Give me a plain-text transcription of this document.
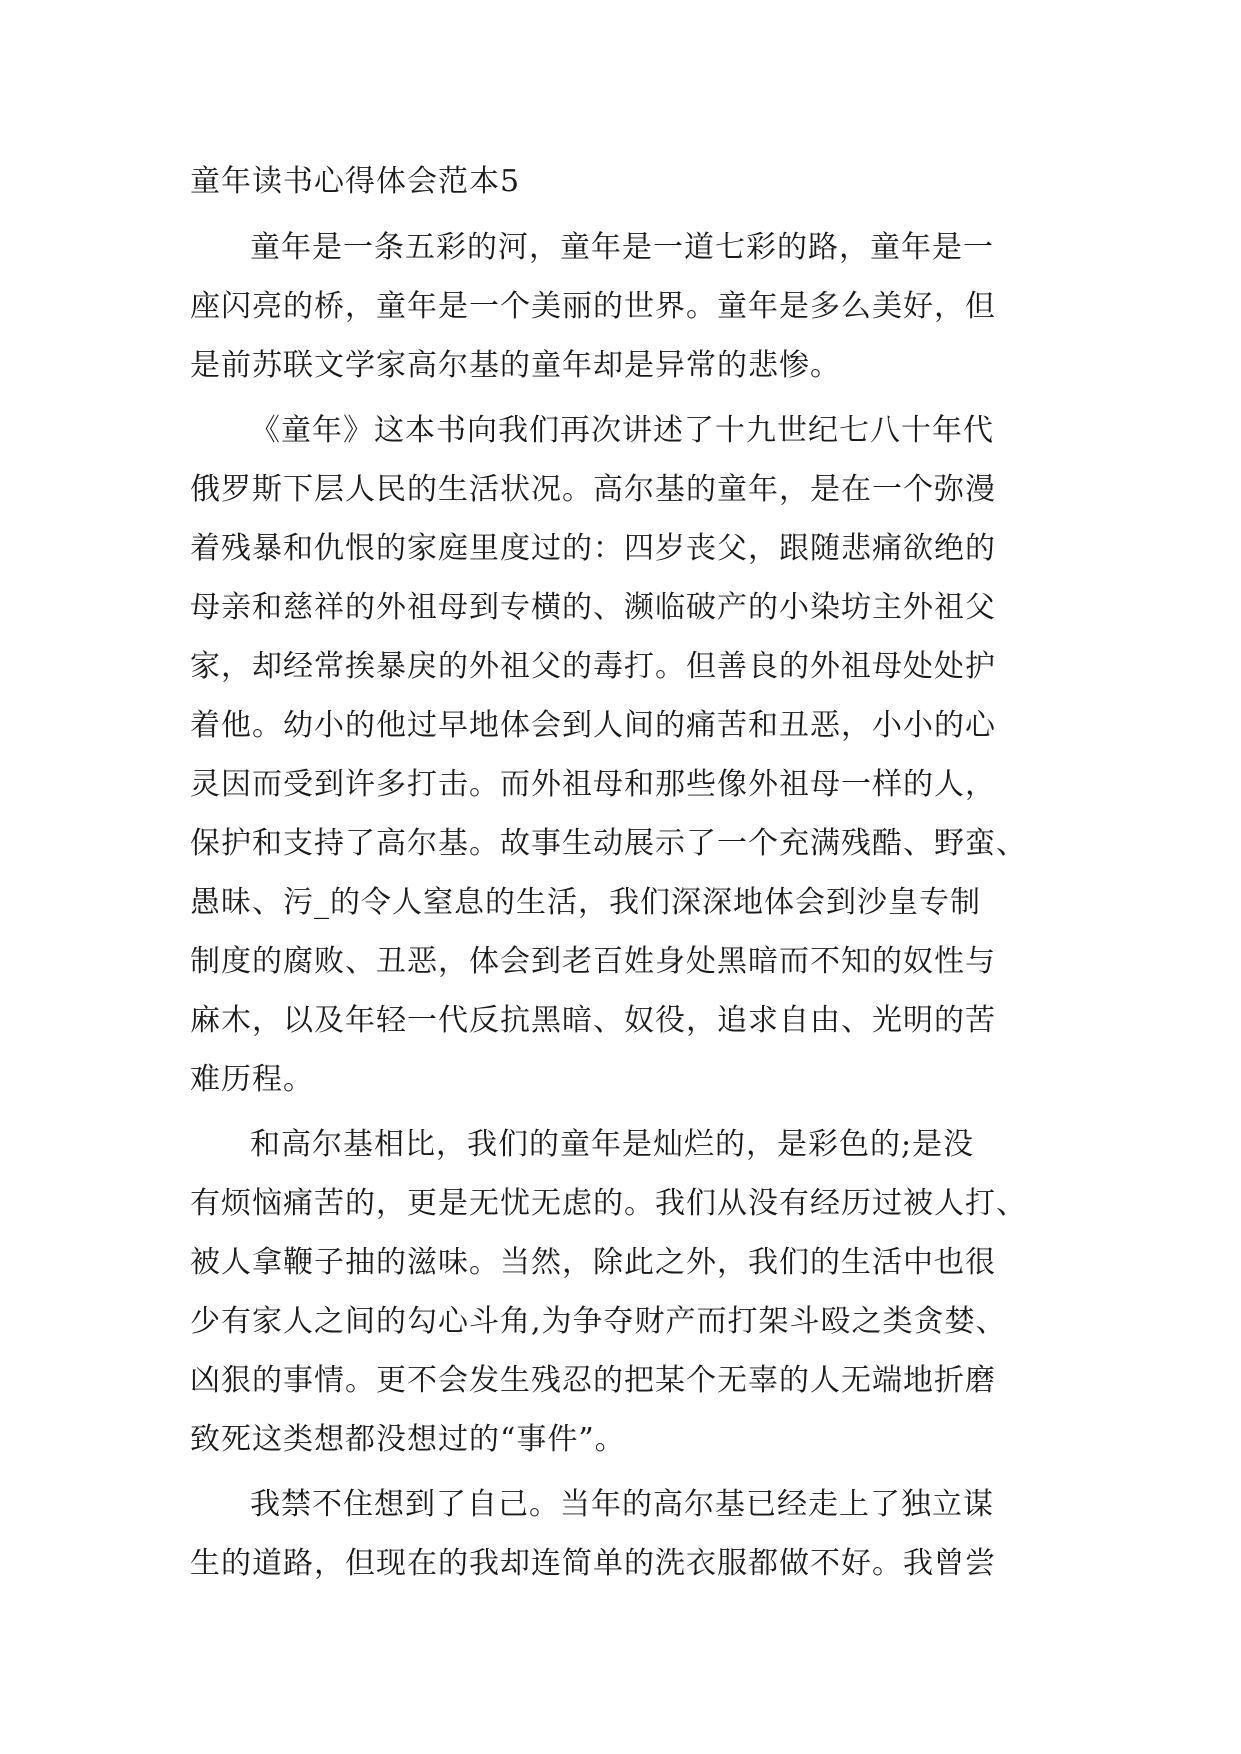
童年读书心得体会范本5

童年是一条五彩的河，童年是一道七彩的路，童年是一
座闪亮的桥，童年是一个美丽的世界。童年是多么美好，但
是前苏联文学家高尔基的童年却是异常的悲惨。

《童年》这本书向我们再次讲述了十九世纪七八十年代
俄罗斯下层人民的生活状况。高尔基的童年，是在一个弥漫
着残暴和仇恨的家庭里度过的：四岁丧父，跟随悲痛欲绝的
母亲和慈祥的外祖母到专横的、濒临破产的小染坊主外祖父
家，却经常挨暴戾的外祖父的毒打。但善良的外祖母处处护
着他。幼小的他过早地体会到人间的痛苦和丑恶，小小的心
灵因而受到许多打击。而外祖母和那些像外祖母一样的人，
保护和支持了高尔基。故事生动展示了一个充满残酷、野蛮、
愚昧、污_的令人窒息的生活，我们深深地体会到沙皇专制
制度的腐败、丑恶，体会到老百姓身处黑暗而不知的奴性与
麻木，以及年轻一代反抗黑暗、奴役，追求自由、光明的苦
难历程。

和高尔基相比，我们的童年是灿烂的，是彩色的;是没
有烦恼痛苦的，更是无忧无虑的。我们从没有经历过被人打、
被人拿鞭子抽的滋味。当然，除此之外，我们的生活中也很
少有家人之间的勾心斗角,为争夺财产而打架斗殴之类贪婪、
凶狠的事情。更不会发生残忍的把某个无辜的人无端地折磨
致死这类想都没想过的“事件”。

我禁不住想到了自己。当年的高尔基已经走上了独立谋
生的道路，但现在的我却连简单的洗衣服都做不好。我曾尝
